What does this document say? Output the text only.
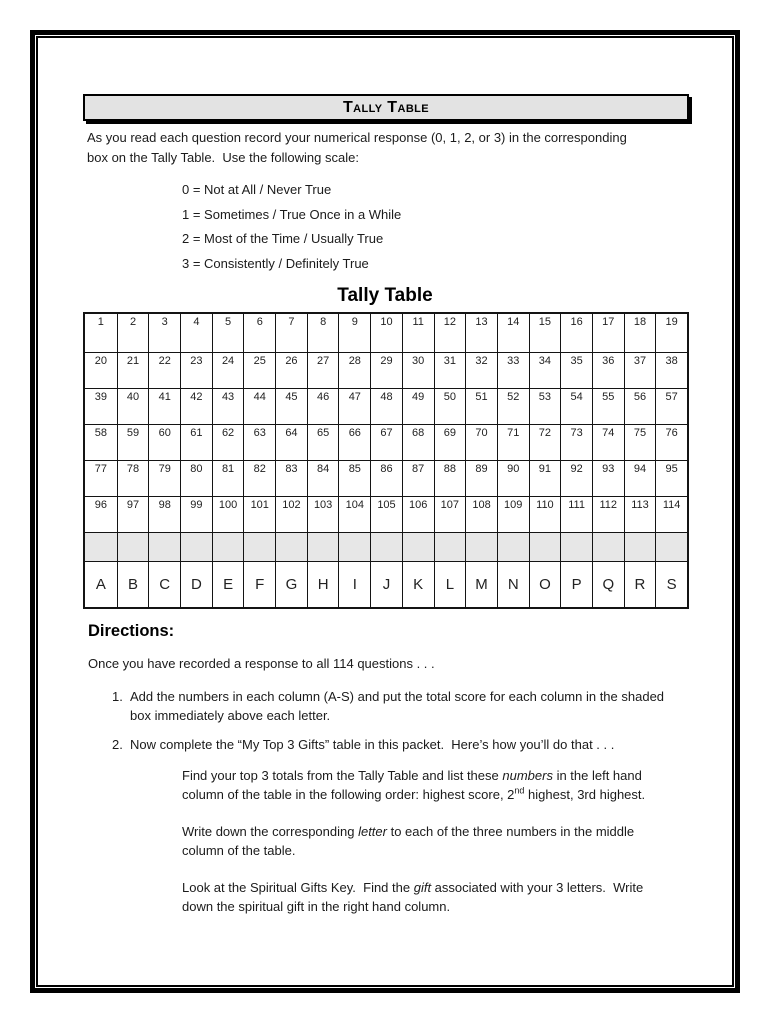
Tally Table

As you read each question record your numerical response (0, 1, 2, or 3) in the corresponding box on the Tally Table.  Use the following scale:

0 = Not at All / Never True
1 = Sometimes / True Once in a While
2 = Most of the Time / Usually True
3 = Consistently / Definitely True
Tally Table
1	2	3	4	5	6	7	8	9	10	11	12	13	14	15	16	17	18	19
20	21	22	23	24	25	26	27	28	29	30	31	32	33	34	35	36	37	38
39	40	41	42	43	44	45	46	47	48	49	50	51	52	53	54	55	56	57
58	59	60	61	62	63	64	65	66	67	68	69	70	71	72	73	74	75	76
77	78	79	80	81	82	83	84	85	86	87	88	89	90	91	92	93	94	95
96	97	98	99	100	101	102	103	104	105	106	107	108	109	110	111	112	113	114
A	B	C	D	E	F	G	H	I	J	K	L	M	N	O	P	Q	R	S
Directions:

Once you have recorded a response to all 114 questions . . .

1. Add the numbers in each column (A-S) and put the total score for each column in the shaded box immediately above each letter.
2. Now complete the “My Top 3 Gifts” table in this packet.  Here’s how you’ll do that . . .

Find your top 3 totals from the Tally Table and list these numbers in the left hand column of the table in the following order: highest score, 2nd highest, 3rd highest.

Write down the corresponding letter to each of the three numbers in the middle column of the table.

Look at the Spiritual Gifts Key.  Find the gift associated with your 3 letters.  Write down the spiritual gift in the right hand column.
